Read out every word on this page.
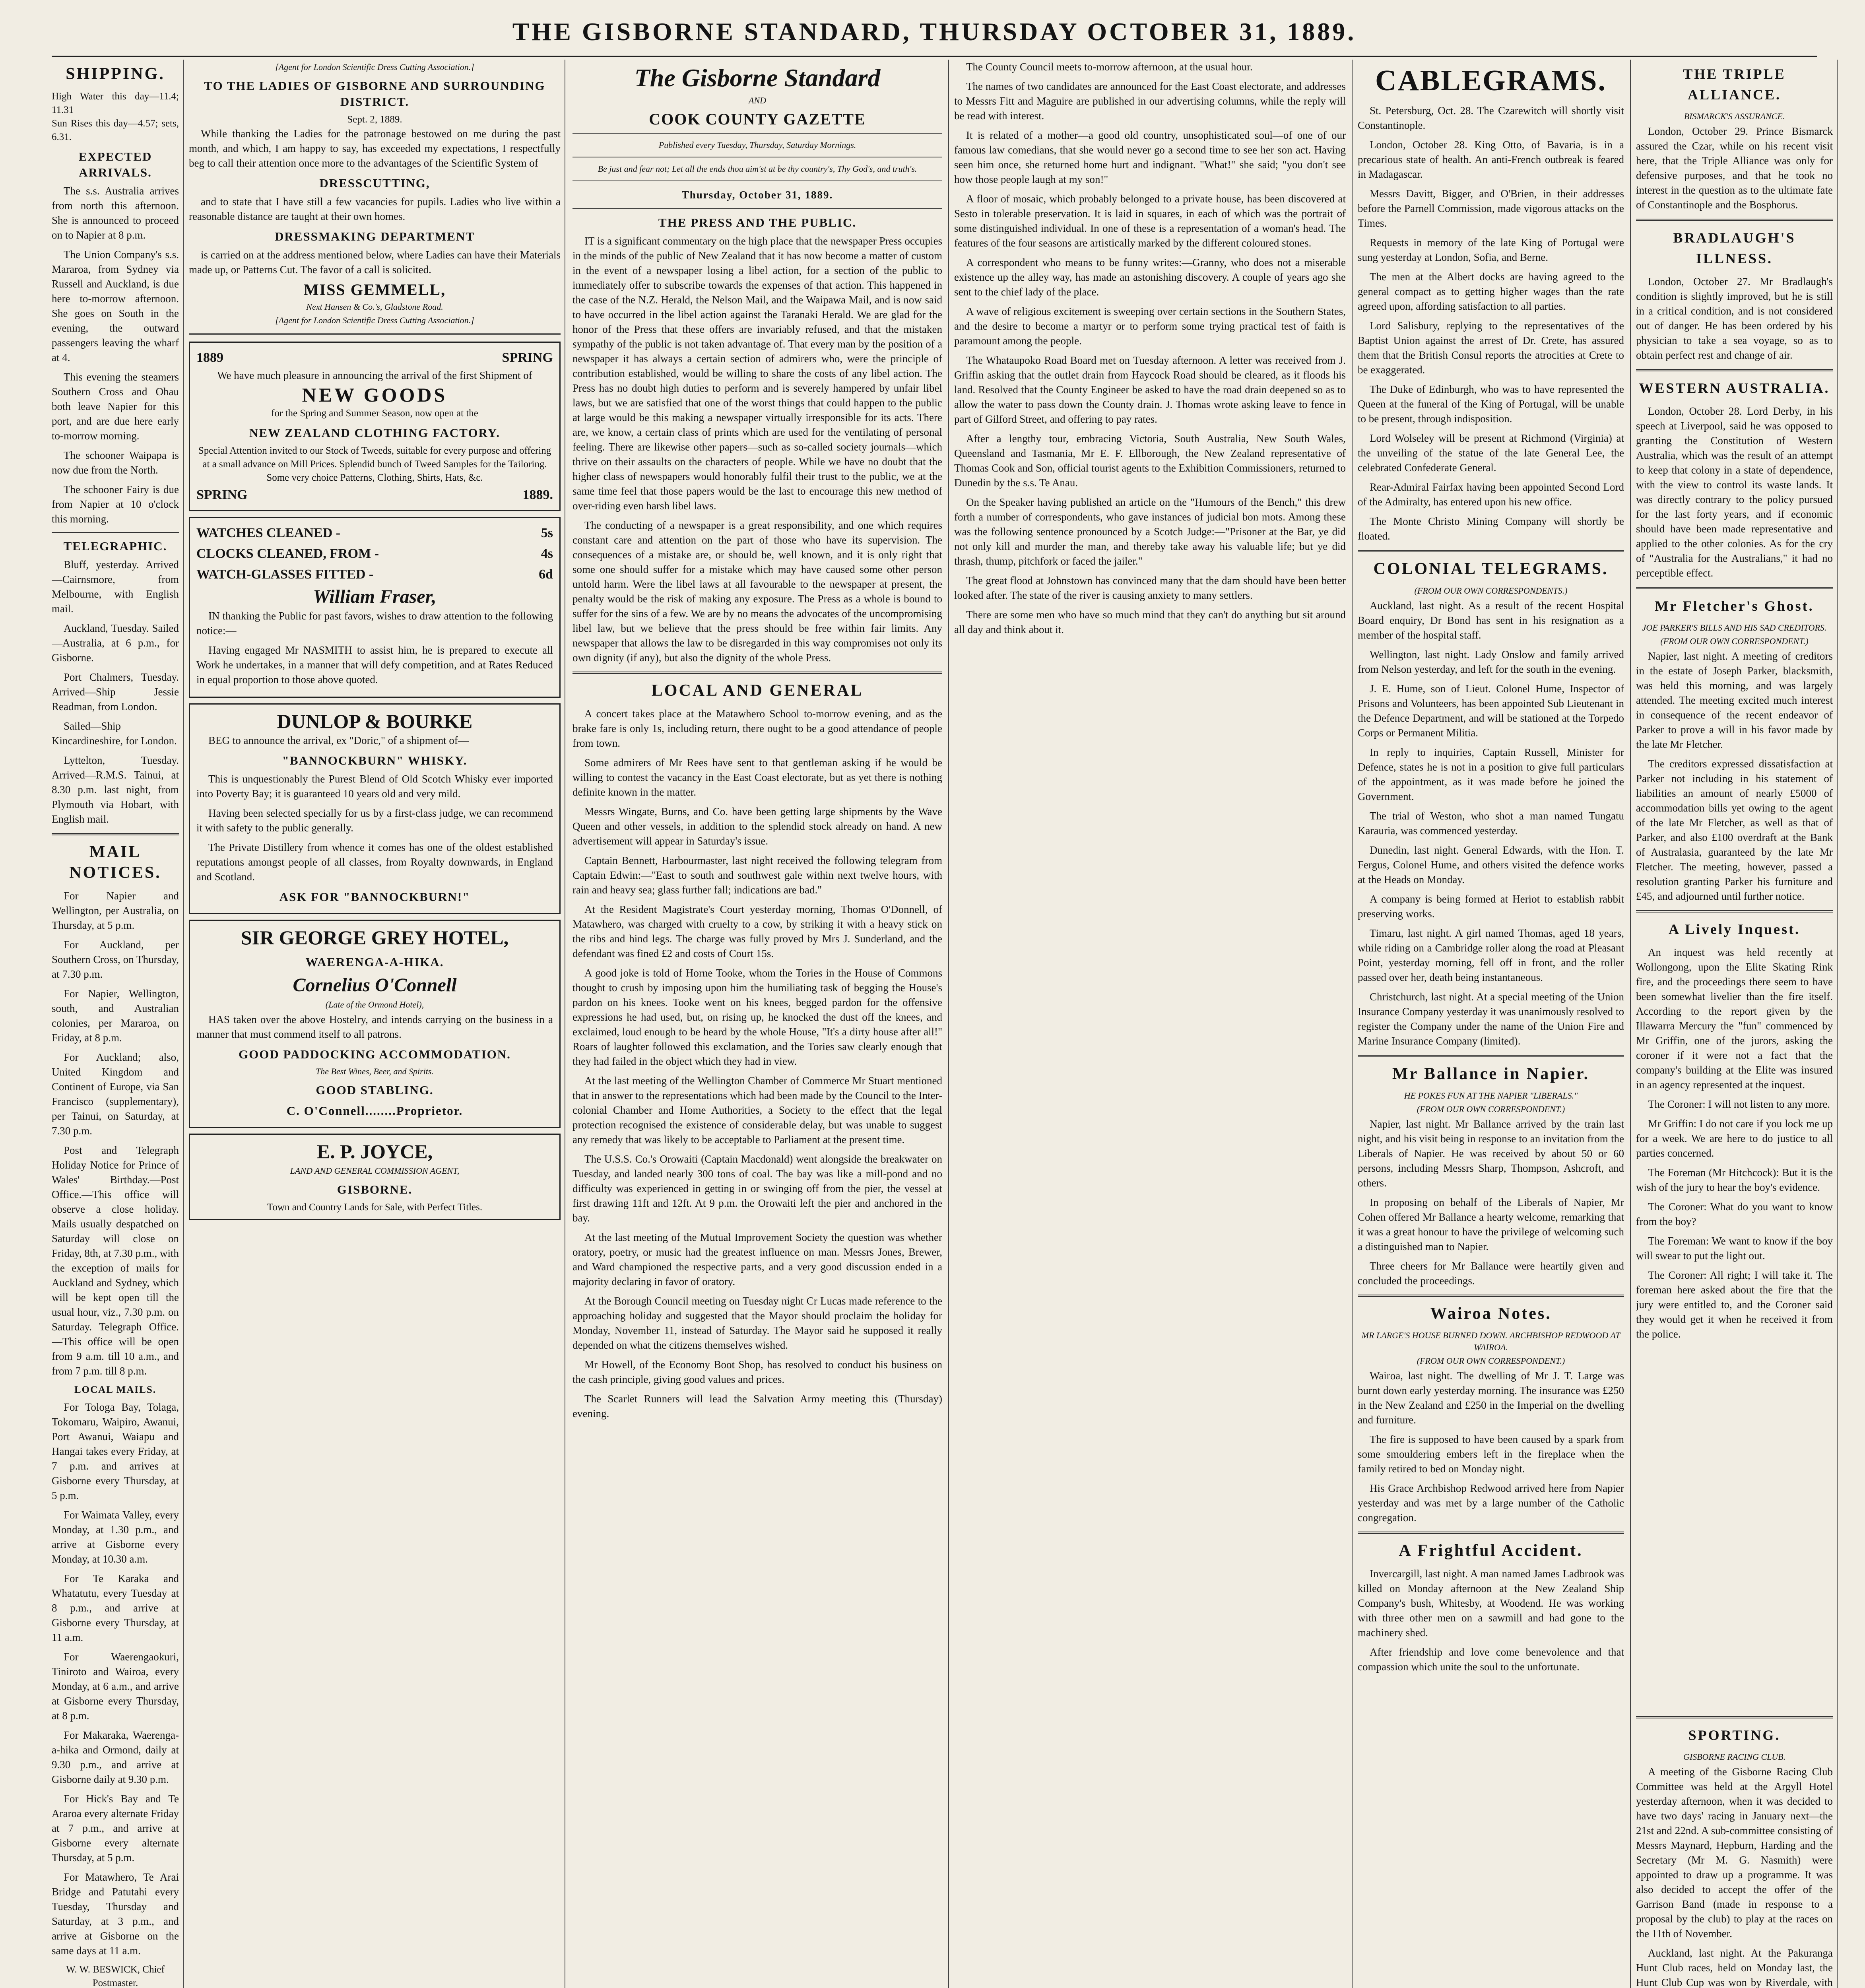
THE GISBORNE STANDARD, THURSDAY OCTOBER 31, 1889.
SHIPPING.
High Water this day—11.4; 11.31
Sun Rises this day—4.57; sets, 6.31.
EXPECTED ARRIVALS.

The s.s. Australia arrives from north this afternoon. She is announced to proceed on to Napier at 8 p.m.

The Union Company's s.s. Mararoa, from Sydney via Russell and Auckland, is due here to-morrow afternoon. She goes on South in the evening, the outward passengers leaving the wharf at 4.

This evening the steamers Southern Cross and Ohau both leave Napier for this port, and are due here early to-morrow morning.

The schooner Waipapa is now due from the North.

The schooner Fairy is due from Napier at 10 o'clock this morning.

TELEGRAPHIC.

Bluff, yesterday. Arrived—Cairnsmore, from Melbourne, with English mail.

Auckland, Tuesday. Sailed—Australia, at 6 p.m., for Gisborne.

Port Chalmers, Tuesday. Arrived—Ship Jessie Readman, from London.

Sailed—Ship Kincardineshire, for London.

Lyttelton, Tuesday. Arrived—R.M.S. Tainui, at 8.30 p.m. last night, from Plymouth via Hobart, with English mail.

MAIL NOTICES.

For Napier and Wellington, per Australia, on Thursday, at 5 p.m.

For Auckland, per Southern Cross, on Thursday, at 7.30 p.m.

For Napier, Wellington, south, and Australian colonies, per Mararoa, on Friday, at 8 p.m.

For Auckland; also, United Kingdom and Continent of Europe, via San Francisco (supplementary), per Tainui, on Saturday, at 7.30 p.m.

Post and Telegraph Holiday Notice for Prince of Wales' Birthday.—Post Office.—This office will observe a close holiday. Mails usually despatched on Saturday will close on Friday, 8th, at 7.30 p.m., with the exception of mails for Auckland and Sydney, which will be kept open till the usual hour, viz., 7.30 p.m. on Saturday. Telegraph Office.—This office will be open from 9 a.m. till 10 a.m., and from 7 p.m. till 8 p.m.

LOCAL MAILS.

For Tologa Bay, Tolaga, Tokomaru, Waipiro, Awanui, Port Awanui, Waiapu and Hangai takes every Friday, at 7 p.m. and arrives at Gisborne every Thursday, at 5 p.m.

For Waimata Valley, every Monday, at 1.30 p.m., and arrive at Gisborne every Monday, at 10.30 a.m.

For Te Karaka and Whatatutu, every Tuesday at 8 p.m., and arrive at Gisborne every Thursday, at 11 a.m.

For Waerengaokuri, Tiniroto and Wairoa, every Monday, at 6 a.m., and arrive at Gisborne every Thursday, at 8 p.m.

For Makaraka, Waerenga-a-hika and Ormond, daily at 9.30 p.m., and arrive at Gisborne daily at 9.30 p.m.

For Hick's Bay and Te Araroa every alternate Friday at 7 p.m., and arrive at Gisborne every alternate Thursday, at 5 p.m.

For Matawhero, Te Arai Bridge and Patutahi every Tuesday, Thursday and Saturday, at 3 p.m., and arrive at Gisborne on the same days at 11 a.m.

W. W. BESWICK, Chief Postmaster.

[Agent for London Scientific Dress Cutting Association.]
TO THE LADIES OF GISBORNE AND SURROUNDING DISTRICT.
Sept. 2, 1889.

While thanking the Ladies for the patronage bestowed on me during the past month, and which, I am happy to say, has exceeded my expectations, I respectfully beg to call their attention once more to the advantages of the Scientific System of

DRESSCUTTING,

and to state that I have still a few vacancies for pupils. Ladies who live within a reasonable distance are taught at their own homes.

DRESSMAKING DEPARTMENT

is carried on at the address mentioned below, where Ladies can have their Materials made up, or Patterns Cut. The favor of a call is solicited.

MISS GEMMELL,
Next Hansen & Co.'s, Gladstone Road.
[Agent for London Scientific Dress Cutting Association.]
1889	SPRING
We have much pleasure in announcing the arrival of the first Shipment of
NEW GOODS
for the Spring and Summer Season, now open at the
NEW ZEALAND CLOTHING FACTORY.
Special Attention invited to our Stock of Tweeds, suitable for every purpose and offering at a small advance on Mill Prices. Splendid bunch of Tweed Samples for the Tailoring. Some very choice Patterns, Clothing, Shirts, Hats, &c.
SPRING	1889.
WATCHES CLEANED -	5s
CLOCKS CLEANED, FROM -	4s
WATCH-GLASSES FITTED -	6d
William Fraser,

IN thanking the Public for past favors, wishes to draw attention to the following notice:—

Having engaged Mr NASMITH to assist him, he is prepared to execute all Work he undertakes, in a manner that will defy competition, and at Rates Reduced in equal proportion to those above quoted.

DUNLOP & BOURKE

BEG to announce the arrival, ex "Doric," of a shipment of—

"BANNOCKBURN" WHISKY.

This is unquestionably the Purest Blend of Old Scotch Whisky ever imported into Poverty Bay; it is guaranteed 10 years old and very mild.

Having been selected specially for us by a first-class judge, we can recommend it with safety to the public generally.

The Private Distillery from whence it comes has one of the oldest established reputations amongst people of all classes, from Royalty downwards, in England and Scotland.

ASK FOR "BANNOCKBURN!"
SIR GEORGE GREY HOTEL,
WAERENGA-A-HIKA.
Cornelius O'Connell
(Late of the Ormond Hotel),

HAS taken over the above Hostelry, and intends carrying on the business in a manner that must commend itself to all patrons.

GOOD PADDOCKING ACCOMMODATION.
The Best Wines, Beer, and Spirits.
GOOD STABLING.
C. O'Connell........Proprietor.
E. P. JOYCE,
LAND AND GENERAL COMMISSION AGENT,
GISBORNE.
Town and Country Lands for Sale, with Perfect Titles.
The Gisborne Standard
AND
COOK COUNTY GAZETTE
Published every Tuesday, Thursday, Saturday Mornings.
Be just and fear not; Let all the ends thou aim'st at be thy country's, Thy God's, and truth's.
Thursday, October 31, 1889.
THE PRESS AND THE PUBLIC.

IT is a significant commentary on the high place that the newspaper Press occupies in the minds of the public of New Zealand that it has now become a matter of custom in the event of a newspaper losing a libel action, for a section of the public to immediately offer to subscribe towards the expenses of that action. This happened in the case of the N.Z. Herald, the Nelson Mail, and the Waipawa Mail, and is now said to have occurred in the libel action against the Taranaki Herald. We are glad for the honor of the Press that these offers are invariably refused, and that the mistaken sympathy of the public is not taken advantage of. That every man by the position of a newspaper it has always a certain section of admirers who, were the principle of contribution established, would be willing to share the costs of any libel action. The Press has no doubt high duties to perform and is severely hampered by unfair libel laws, but we are satisfied that one of the worst things that could happen to the public at large would be this making a newspaper virtually irresponsible for its acts. There are, we know, a certain class of prints which are used for the ventilating of personal feeling. There are likewise other papers—such as so-called society journals—which thrive on their assaults on the characters of people. While we have no doubt that the higher class of newspapers would honorably fulfil their trust to the public, we at the same time feel that those papers would be the last to encourage this new method of over-riding even harsh libel laws.

The conducting of a newspaper is a great responsibility, and one which requires constant care and attention on the part of those who have its supervision. The consequences of a mistake are, or should be, well known, and it is only right that some one should suffer for a mistake which may have caused some other person untold harm. Were the libel laws at all favourable to the newspaper at present, the penalty would be the risk of making any exposure. The Press as a whole is bound to suffer for the sins of a few. We are by no means the advocates of the uncompromising libel law, but we believe that the press should be free within fair limits. Any newspaper that allows the law to be disregarded in this way compromises not only its own dignity (if any), but also the dignity of the whole Press.

LOCAL AND GENERAL

A concert takes place at the Matawhero School to-morrow evening, and as the brake fare is only 1s, including return, there ought to be a good attendance of people from town.

Some admirers of Mr Rees have sent to that gentleman asking if he would be willing to contest the vacancy in the East Coast electorate, but as yet there is nothing definite known in the matter.

Messrs Wingate, Burns, and Co. have been getting large shipments by the Wave Queen and other vessels, in addition to the splendid stock already on hand. A new advertisement will appear in Saturday's issue.

Captain Bennett, Harbourmaster, last night received the following telegram from Captain Edwin:—"East to south and southwest gale within next twelve hours, with rain and heavy sea; glass further fall; indications are bad."

At the Resident Magistrate's Court yesterday morning, Thomas O'Donnell, of Matawhero, was charged with cruelty to a cow, by striking it with a heavy stick on the ribs and hind legs. The charge was fully proved by Mrs J. Sunderland, and the defendant was fined £2 and costs of Court 15s.

A good joke is told of Horne Tooke, whom the Tories in the House of Commons thought to crush by imposing upon him the humiliating task of begging the House's pardon on his knees. Tooke went on his knees, begged pardon for the offensive expressions he had used, but, on rising up, he knocked the dust off the knees, and exclaimed, loud enough to be heard by the whole House, "It's a dirty house after all!" Roars of laughter followed this exclamation, and the Tories saw clearly enough that they had failed in the object which they had in view.

At the last meeting of the Wellington Chamber of Commerce Mr Stuart mentioned that in answer to the representations which had been made by the Council to the Inter-colonial Chamber and Home Authorities, a Society to the effect that the legal protection recognised the existence of considerable delay, but was unable to suggest any remedy that was likely to be acceptable to Parliament at the present time.

The U.S.S. Co.'s Orowaiti (Captain Macdonald) went alongside the breakwater on Tuesday, and landed nearly 300 tons of coal. The bay was like a mill-pond and no difficulty was experienced in getting in or swinging off from the pier, the vessel at first drawing 11ft and 12ft. At 9 p.m. the Orowaiti left the pier and anchored in the bay.

At the last meeting of the Mutual Improvement Society the question was whether oratory, poetry, or music had the greatest influence on man. Messrs Jones, Brewer, and Ward championed the respective parts, and a very good discussion ended in a majority declaring in favor of oratory.

At the Borough Council meeting on Tuesday night Cr Lucas made reference to the approaching holiday and suggested that the Mayor should proclaim the holiday for Monday, November 11, instead of Saturday. The Mayor said he supposed it really depended on what the citizens themselves wished.

Mr Howell, of the Economy Boot Shop, has resolved to conduct his business on the cash principle, giving good values and prices.

The Scarlet Runners will lead the Salvation Army meeting this (Thursday) evening.

The County Council meets to-morrow afternoon, at the usual hour.

The names of two candidates are announced for the East Coast electorate, and addresses to Messrs Fitt and Maguire are published in our advertising columns, while the reply will be read with interest.

It is related of a mother—a good old country, unsophisticated soul—of one of our famous law comedians, that she would never go a second time to see her son act. Having seen him once, she returned home hurt and indignant. "What!" she said; "you don't see how those people laugh at my son!"

A floor of mosaic, which probably belonged to a private house, has been discovered at Sesto in tolerable preservation. It is laid in squares, in each of which was the portrait of some distinguished individual. In one of these is a representation of a woman's head. The features of the four seasons are artistically marked by the different coloured stones.

A correspondent who means to be funny writes:—Granny, who does not a miserable existence up the alley way, has made an astonishing discovery. A couple of years ago she sent to the chief lady of the place.

A wave of religious excitement is sweeping over certain sections in the Southern States, and the desire to become a martyr or to perform some trying practical test of faith is paramount among the people.

The Whataupoko Road Board met on Tuesday afternoon. A letter was received from J. Griffin asking that the outlet drain from Haycock Road should be cleared, as it floods his land. Resolved that the County Engineer be asked to have the road drain deepened so as to allow the water to pass down the County drain. J. Thomas wrote asking leave to fence in part of Gilford Street, and offering to pay rates.

After a lengthy tour, embracing Victoria, South Australia, New South Wales, Queensland and Tasmania, Mr E. F. Ellborough, the New Zealand representative of Thomas Cook and Son, official tourist agents to the Exhibition Commissioners, returned to Dunedin by the s.s. Te Anau.

On the Speaker having published an article on the "Humours of the Bench," this drew forth a number of correspondents, who gave instances of judicial bon mots. Among these was the following sentence pronounced by a Scotch Judge:—"Prisoner at the Bar, ye did not only kill and murder the man, and thereby take away his valuable life; but ye did thrash, thump, pitchfork or faced the jailer."

The great flood at Johnstown has convinced many that the dam should have been better looked after. The state of the river is causing anxiety to many settlers.

There are some men who have so much mind that they can't do anything but sit around all day and think about it.

CABLEGRAMS.

St. Petersburg, Oct. 28. The Czarewitch will shortly visit Constantinople.

London, October 28. King Otto, of Bavaria, is in a precarious state of health. An anti-French outbreak is feared in Madagascar.

Messrs Davitt, Bigger, and O'Brien, in their addresses before the Parnell Commission, made vigorous attacks on the Times.

Requests in memory of the late King of Portugal were sung yesterday at London, Sofia, and Berne.

The men at the Albert docks are having agreed to the general compact as to getting higher wages than the rate agreed upon, affording satisfaction to all parties.

Lord Salisbury, replying to the representatives of the Baptist Union against the arrest of Dr. Crete, has assured them that the British Consul reports the atrocities at Crete to be exaggerated.

The Duke of Edinburgh, who was to have represented the Queen at the funeral of the King of Portugal, will be unable to be present, through indisposition.

Lord Wolseley will be present at Richmond (Virginia) at the unveiling of the statue of the late General Lee, the celebrated Confederate General.

Rear-Admiral Fairfax having been appointed Second Lord of the Admiralty, has entered upon his new office.

The Monte Christo Mining Company will shortly be floated.

COLONIAL TELEGRAMS.
(FROM OUR OWN CORRESPONDENTS.)

Auckland, last night. As a result of the recent Hospital Board enquiry, Dr Bond has sent in his resignation as a member of the hospital staff.

Wellington, last night. Lady Onslow and family arrived from Nelson yesterday, and left for the south in the evening.

J. E. Hume, son of Lieut. Colonel Hume, Inspector of Prisons and Volunteers, has been appointed Sub Lieutenant in the Defence Department, and will be stationed at the Torpedo Corps or Permanent Militia.

In reply to inquiries, Captain Russell, Minister for Defence, states he is not in a position to give full particulars of the appointment, as it was made before he joined the Government.

The trial of Weston, who shot a man named Tungatu Karauria, was commenced yesterday.

Dunedin, last night. General Edwards, with the Hon. T. Fergus, Colonel Hume, and others visited the defence works at the Heads on Monday.

A company is being formed at Heriot to establish rabbit preserving works.

Timaru, last night. A girl named Thomas, aged 18 years, while riding on a Cambridge roller along the road at Pleasant Point, yesterday morning, fell off in front, and the roller passed over her, death being instantaneous.

Christchurch, last night. At a special meeting of the Union Insurance Company yesterday it was unanimously resolved to register the Company under the name of the Union Fire and Marine Insurance Company (limited).

Mr Ballance in Napier.
HE POKES FUN AT THE NAPIER "LIBERALS."
(FROM OUR OWN CORRESPONDENT.)

Napier, last night. Mr Ballance arrived by the train last night, and his visit being in response to an invitation from the Liberals of Napier. He was received by about 50 or 60 persons, including Messrs Sharp, Thompson, Ashcroft, and others.

In proposing on behalf of the Liberals of Napier, Mr Cohen offered Mr Ballance a hearty welcome, remarking that it was a great honour to have the privilege of welcoming such a distinguished man to Napier.

Three cheers for Mr Ballance were heartily given and concluded the proceedings.

Wairoa Notes.
MR LARGE'S HOUSE BURNED DOWN. ARCHBISHOP REDWOOD AT WAIROA.
(FROM OUR OWN CORRESPONDENT.)

Wairoa, last night. The dwelling of Mr J. T. Large was burnt down early yesterday morning. The insurance was £250 in the New Zealand and £250 in the Imperial on the dwelling and furniture.

The fire is supposed to have been caused by a spark from some smouldering embers left in the fireplace when the family retired to bed on Monday night.

His Grace Archbishop Redwood arrived here from Napier yesterday and was met by a large number of the Catholic congregation.

A Frightful Accident.

Invercargill, last night. A man named James Ladbrook was killed on Monday afternoon at the New Zealand Ship Company's bush, Whitesby, at Woodend. He was working with three other men on a sawmill and had gone to the machinery shed.

After friendship and love come benevolence and that compassion which unite the soul to the unfortunate.

THE TRIPLE ALLIANCE.
BISMARCK'S ASSURANCE.

London, October 29. Prince Bismarck assured the Czar, while on his recent visit here, that the Triple Alliance was only for defensive purposes, and that he took no interest in the question as to the ultimate fate of Constantinople and the Bosphorus.

BRADLAUGH'S ILLNESS.

London, October 27. Mr Bradlaugh's condition is slightly improved, but he is still in a critical condition, and is not considered out of danger. He has been ordered by his physician to take a sea voyage, so as to obtain perfect rest and change of air.

WESTERN AUSTRALIA.

London, October 28. Lord Derby, in his speech at Liverpool, said he was opposed to granting the Constitution of Western Australia, which was the result of an attempt to keep that colony in a state of dependence, with the view to control its waste lands. It was directly contrary to the policy pursued for the last forty years, and if economic should have been made representative and applied to the other colonies. As for the cry of "Australia for the Australians," it had no perceptible effect.

Mr Fletcher's Ghost.
JOE PARKER'S BILLS AND HIS SAD CREDITORS.
(FROM OUR OWN CORRESPONDENT.)

Napier, last night. A meeting of creditors in the estate of Joseph Parker, blacksmith, was held this morning, and was largely attended. The meeting excited much interest in consequence of the recent endeavor of Parker to prove a will in his favor made by the late Mr Fletcher.

The creditors expressed dissatisfaction at Parker not including in his statement of liabilities an amount of nearly £5000 of accommodation bills yet owing to the agent of the late Mr Fletcher, as well as that of Parker, and also £100 overdraft at the Bank of Australasia, guaranteed by the late Mr Fletcher. The meeting, however, passed a resolution granting Parker his furniture and £45, and adjourned until further notice.

A Lively Inquest.

An inquest was held recently at Wollongong, upon the Elite Skating Rink fire, and the proceedings there seem to have been somewhat livelier than the fire itself. According to the report given by the Illawarra Mercury the "fun" commenced by Mr Griffin, one of the jurors, asking the coroner if it were not a fact that the company's building at the Elite was insured in an agency represented at the inquest.

The Coroner: I will not listen to any more.

Mr Griffin: I do not care if you lock me up for a week. We are here to do justice to all parties concerned.

The Foreman (Mr Hitchcock): But it is the wish of the jury to hear the boy's evidence.

The Coroner: What do you want to know from the boy?

The Foreman: We want to know if the boy will swear to put the light out.

The Coroner: All right; I will take it. The foreman here asked about the fire that the jury were entitled to, and the Coroner said they would get it when he received it from the police.

SPORTING.
GISBORNE RACING CLUB.

A meeting of the Gisborne Racing Club Committee was held at the Argyll Hotel yesterday afternoon, when it was decided to have two days' racing in January next—the 21st and 22nd. A sub-committee consisting of Messrs Maynard, Hepburn, Harding and the Secretary (Mr M. G. Nasmith) were appointed to draw up a programme. It was also decided to accept the offer of the Garrison Band (made in response to a proposal by the club) to play at the races on the 11th of November.

Auckland, last night. At the Pakuranga Hunt Club races, held on Monday last, the Hunt Club Cup was won by Riverdale, with
